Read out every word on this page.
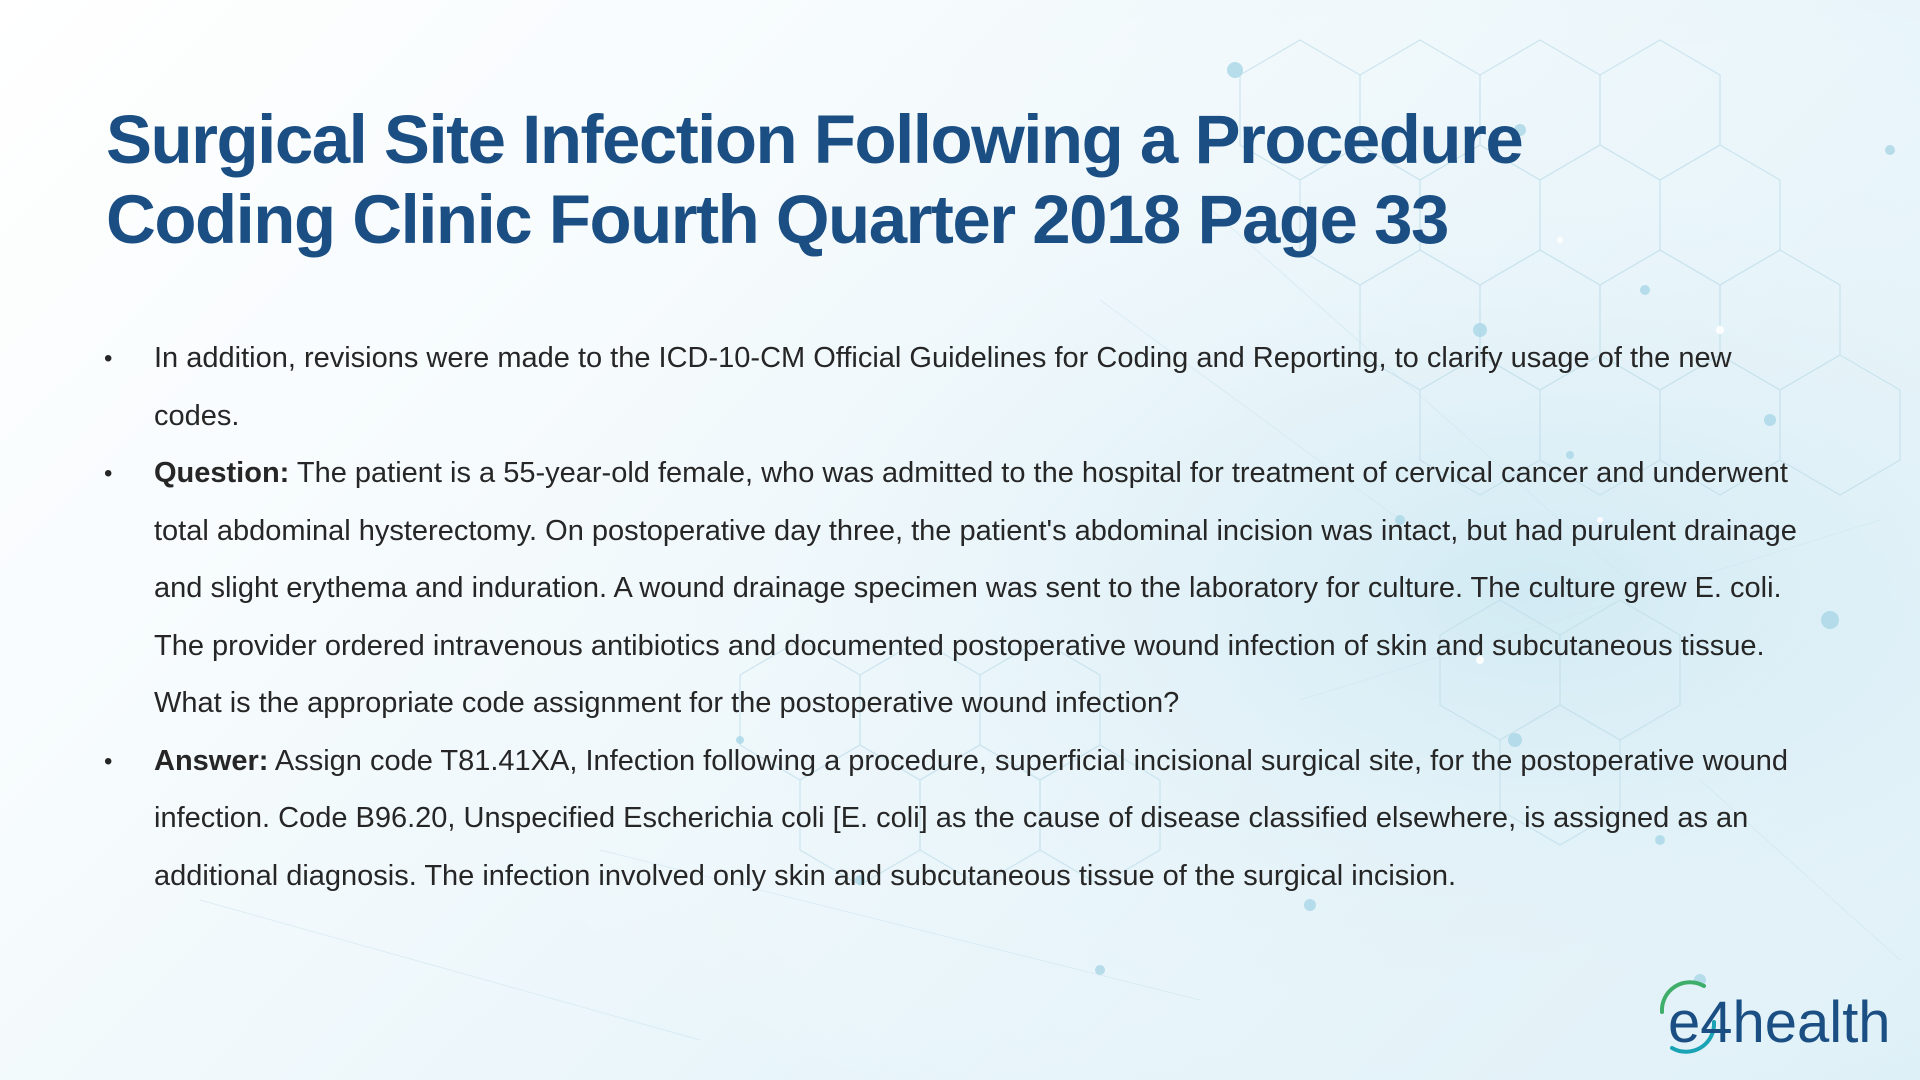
Surgical Site Infection Following a Procedure
Coding Clinic Fourth Quarter 2018 Page 33
•	In addition, revisions were made to the ICD-10-CM Official Guidelines for Coding and Reporting, to clarify usage of the new codes.
•	Question: The patient is a 55-year-old female, who was admitted to the hospital for treatment of cervical cancer and underwent total abdominal hysterectomy. On postoperative day three, the patient's abdominal incision was intact, but had purulent drainage and slight erythema and induration. A wound drainage specimen was sent to the laboratory for culture. The culture grew E. coli. The provider ordered intravenous antibiotics and documented postoperative wound infection of skin and subcutaneous tissue. What is the appropriate code assignment for the postoperative wound infection?
•	Answer: Assign code T81.41XA, Infection following a procedure, superficial incisional surgical site, for the postoperative wound infection. Code B96.20, Unspecified Escherichia coli [E. coli] as the cause of disease classified elsewhere, is assigned as an additional diagnosis. The infection involved only skin and subcutaneous tissue of the surgical incision.
e4health
